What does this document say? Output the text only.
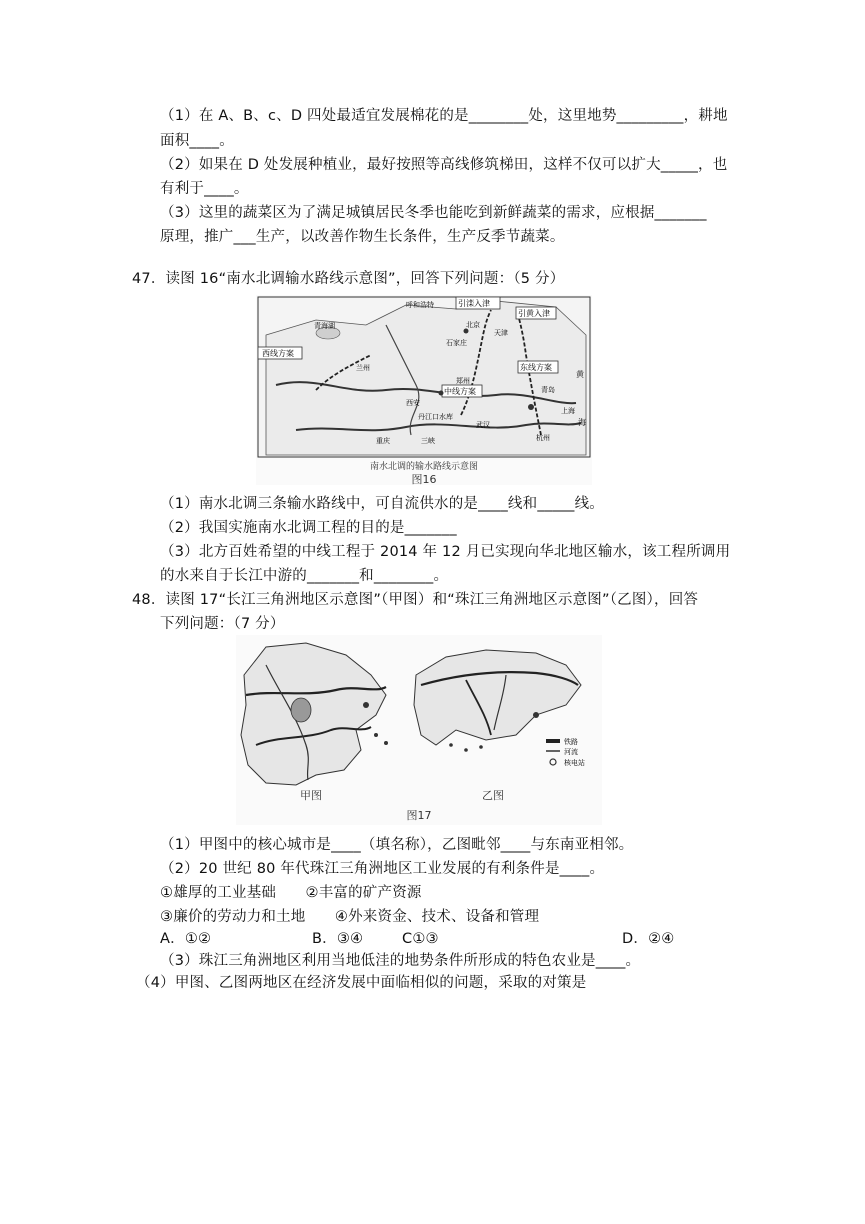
（1）在 A、B、c、D 四处最适宜发展棉花的是________处，这里地势_________，耕地
面积____。
（2）如果在 D 处发展种植业，最好按照等高线修筑梯田，这样不仅可以扩大_____，也
有利于____。
（3）这里的蔬菜区为了满足城镇居民冬季也能吃到新鲜蔬菜的需求，应根据_______
原理，推广___生产，以改善作物生长条件，生产反季节蔬菜。
47．读图 16“南水北调输水路线示意图”，回答下列问题：（5 分）
西线方案
中线方案
东线方案
引滦入津
引黄入津
呼和浩特
青海湖	北京
天津
石家庄
兰州
郑州
西安
青岛
丹江口水库
重庆	三峡
武汉
上海
杭州
黄
海
南水北调的输水路线示意图
图16
（1）南水北调三条输水路线中，可自流供水的是____线和_____线。
（2）我国实施南水北调工程的目的是_______
（3）北方百姓希望的中线工程于 2014 年 12 月已实现向华北地区输水，该工程所调用
的水来自于长江中游的_______和________。
48．读图 17“长江三角洲地区示意图”（甲图）和“珠江三角洲地区示意图”（乙图），回答
下列问题：（7 分）
铁路
河流
核电站
甲图	乙图
图17
（1）甲图中的核心城市是____（填名称），乙图毗邻____与东南亚相邻。
（2）20 世纪 80 年代珠江三角洲地区工业发展的有利条件是____。
①雄厚的工业基础　　②丰富的矿产资源
③廉价的劳动力和土地　　④外来资金、技术、设备和管理
A．①②	B．③④	C①③	D．②④
（3）珠江三角洲地区利用当地低洼的地势条件所形成的特色农业是____。
（4）甲图、乙图两地区在经济发展中面临相似的问题，采取的对策是
